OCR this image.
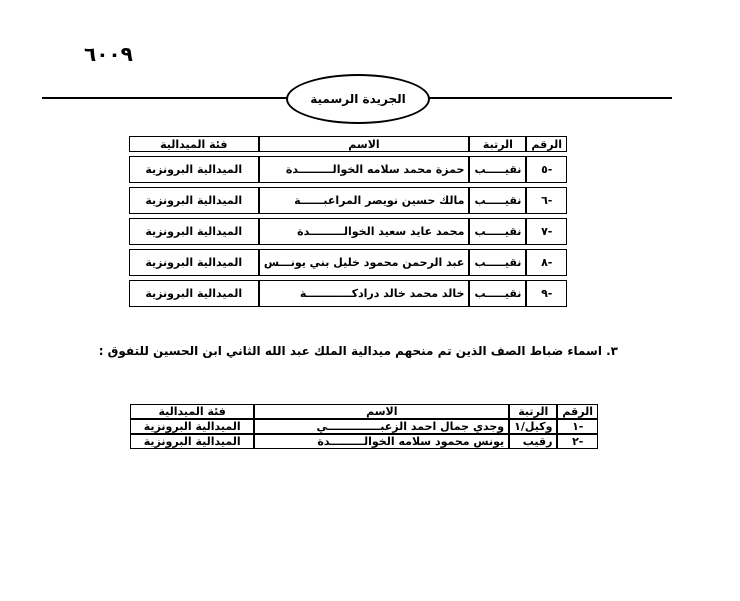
٦٠٠٩
الجريدة الرسمية
الرقم	الرتبة	الاسم	فئة الميدالية

-٥	نقيـــــب	حمزة محمد سلامه الخوالـــــــــدة	الميدالية البرونزية

-٦	نقيـــــب	مالك حسين نويصر المراعبــــــة	الميدالية البرونزية

-٧	نقيـــــب	محمد عايد سعيد الخوالـــــــــدة	الميدالية البرونزية

-٨	نقيـــــب	عبد الرحمن محمود خليل بني يونـــس	الميدالية البرونزية

-٩	نقيـــــب	خالد محمد خالد درادكــــــــــــة	الميدالية البرونزية
٣. اسماء ضباط الصف الذين تم منحهم ميدالية الملك عبد الله الثاني ابن الحسين للتفوق :
الرقم	الرتبة	الاسم	فئة الميدالية
-١	وكيل/١	وجدي جمال احمد الزعبــــــــــــــي	الميدالية البرونزية
-٢	رقيب	يونس محمود سلامه الخوالـــــــــدة	الميدالية البرونزية
